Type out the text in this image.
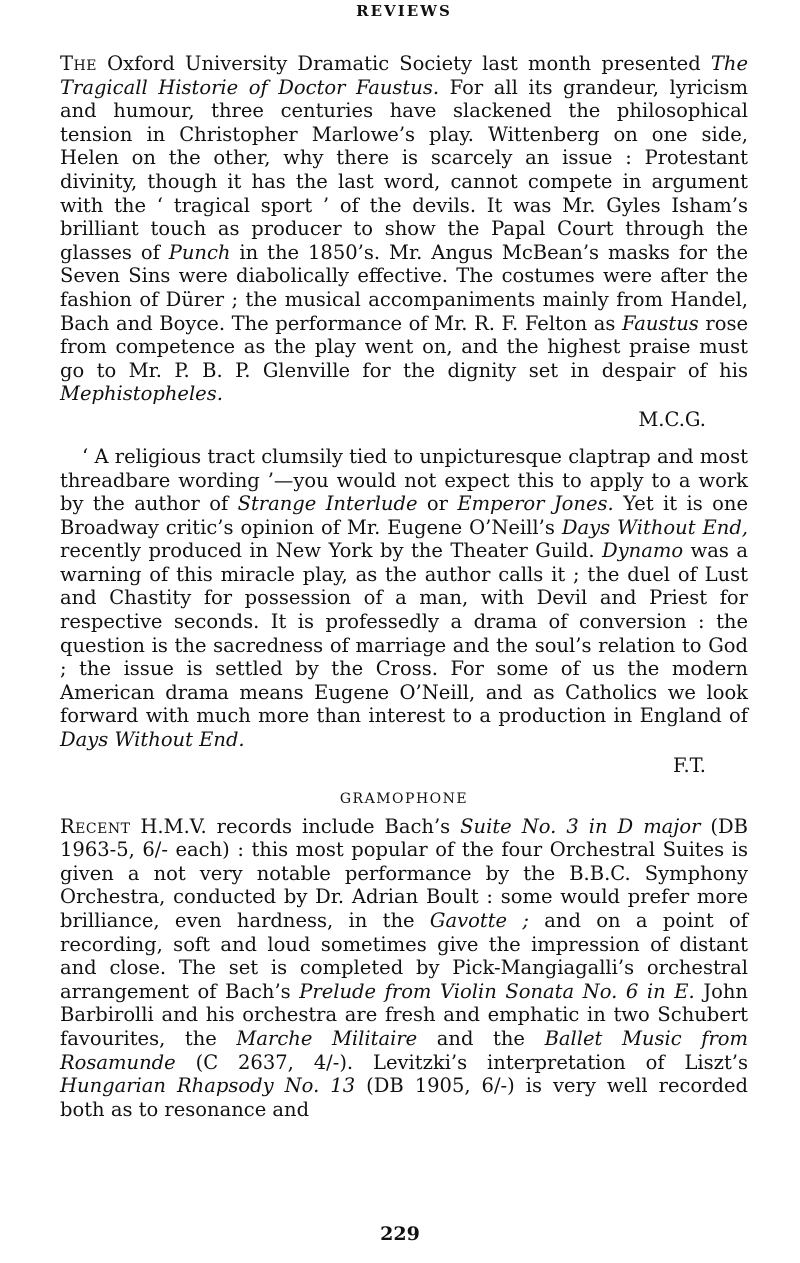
REVIEWS

The Oxford University Dramatic Society last month presented The Tragicall Historie of Doctor Faustus. For all its grandeur, lyricism and humour, three centuries have slackened the philosophical tension in Christopher Marlowe’s play. Wittenberg on one side, Helen on the other, why there is scarcely an issue : Protestant divinity, though it has the last word, cannot compete in argument with the ‘ tragical sport ’ of the devils. It was Mr. Gyles Isham’s brilliant touch as producer to show the Papal Court through the glasses of Punch in the 1850’s. Mr. Angus McBean’s masks for the Seven Sins were diabolically effective. The costumes were after the fashion of Dürer ; the musical accompaniments mainly from Handel, Bach and Boyce. The performance of Mr. R. F. Felton as Faustus rose from competence as the play went on, and the highest praise must go to Mr. P. B. P. Glenville for the dignity set in despair of his Mephistopheles.

M.C.G.

‘ A religious tract clumsily tied to unpicturesque claptrap and most threadbare wording ’—you would not expect this to apply to a work by the author of Strange Interlude or Emperor Jones. Yet it is one Broadway critic’s opinion of Mr. Eugene O’Neill’s Days Without End, recently produced in New York by the Theater Guild. Dynamo was a warning of this miracle play, as the author calls it ; the duel of Lust and Chastity for possession of a man, with Devil and Priest for respective seconds. It is professedly a drama of conversion : the question is the sacredness of marriage and the soul’s relation to God ; the issue is settled by the Cross. For some of us the modern American drama means Eugene O’Neill, and as Catholics we look forward with much more than interest to a production in England of Days Without End.

F.T.
GRAMOPHONE

Recent H.M.V. records include Bach’s Suite No. 3 in D major (DB 1963-5, 6/- each) : this most popular of the four Orchestral Suites is given a not very notable performance by the B.B.C. Symphony Orchestra, conducted by Dr. Adrian Boult : some would prefer more brilliance, even hardness, in the Gavotte ; and on a point of recording, soft and loud sometimes give the impression of distant and close. The set is completed by Pick-Mangiagalli’s orchestral arrangement of Bach’s Prelude from Violin Sonata No. 6 in E. John Barbirolli and his orchestra are fresh and emphatic in two Schubert favourites, the Marche Militaire and the Ballet Music from Rosamunde (C 2637, 4/-). Levitzki’s interpretation of Liszt’s Hungarian Rhapsody No. 13 (DB 1905, 6/-) is very well recorded both as to resonance and

229
